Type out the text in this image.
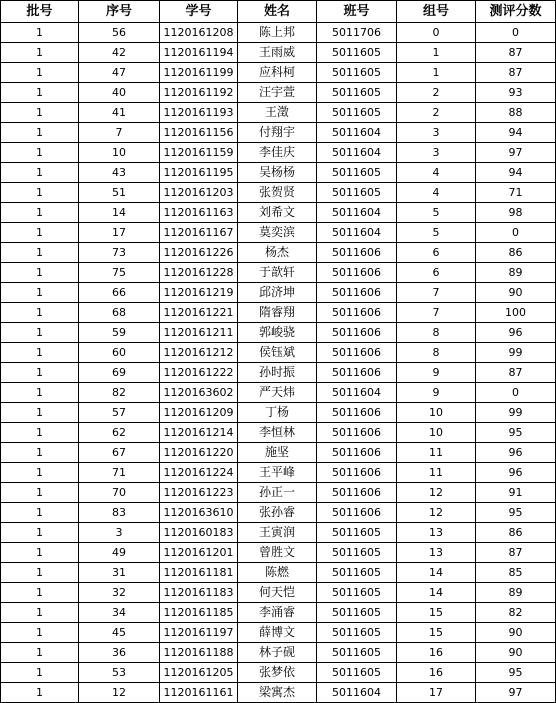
批号	序号	学号	姓名	班号	组号	测评分数
1	56	1120161208	陈上邦	5011706	0	0
1	42	1120161194	王雨威	5011605	1	87
1	47	1120161199	应科柯	5011605	1	87
1	40	1120161192	汪宇萱	5011605	2	93
1	41	1120161193	王澂	5011605	2	88
1	7	1120161156	付翔宇	5011604	3	94
1	10	1120161159	李佳庆	5011604	3	97
1	43	1120161195	吴杨杨	5011605	4	94
1	51	1120161203	张贺贤	5011605	4	71
1	14	1120161163	刘希文	5011604	5	98
1	17	1120161167	莫奕滨	5011604	5	0
1	73	1120161226	杨杰	5011606	6	86
1	75	1120161228	于歆轩	5011606	6	89
1	66	1120161219	邱济坤	5011606	7	90
1	68	1120161221	隋睿翔	5011606	7	100
1	59	1120161211	郭峻骁	5011606	8	96
1	60	1120161212	侯钰斌	5011606	8	99
1	69	1120161222	孙时振	5011606	9	87
1	82	1120163602	严天炜	5011604	9	0
1	57	1120161209	丁杨	5011606	10	99
1	62	1120161214	李恒林	5011606	10	95
1	67	1120161220	施坚	5011606	11	96
1	71	1120161224	王平峰	5011606	11	96
1	70	1120161223	孙正一	5011606	12	91
1	83	1120163610	张孙睿	5011606	12	95
1	3	1120160183	王寅润	5011605	13	86
1	49	1120161201	曾胜文	5011605	13	87
1	31	1120161181	陈燃	5011605	14	85
1	32	1120161183	何天恺	5011605	14	89
1	34	1120161185	李涌睿	5011605	15	82
1	45	1120161197	薛博文	5011605	15	90
1	36	1120161188	林子砚	5011605	16	90
1	53	1120161205	张梦依	5011605	16	95
1	12	1120161161	梁寓杰	5011604	17	97
